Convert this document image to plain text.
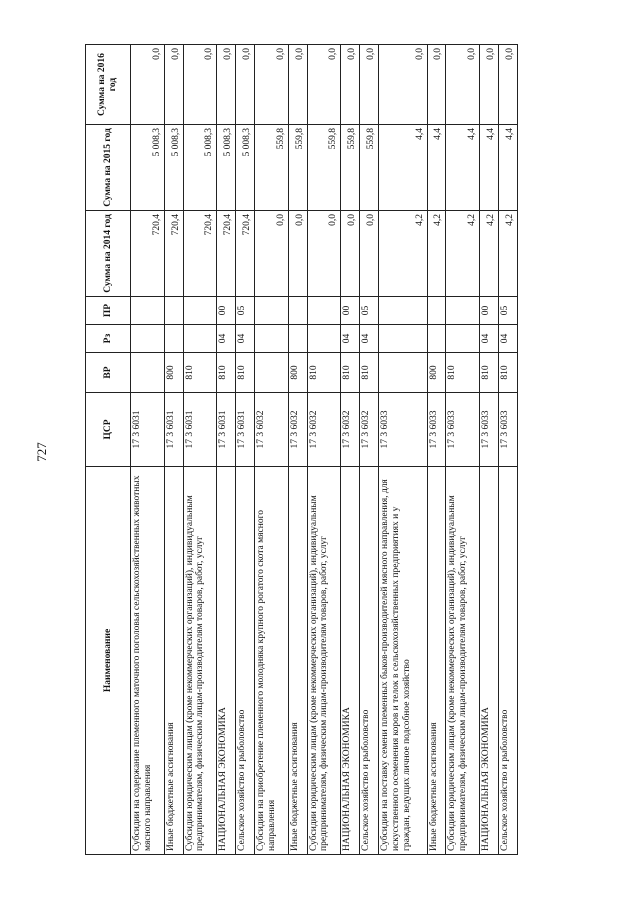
727
Наименование	ЦСР	ВР	Рз	ПР	Сумма на 2014 год	Сумма на 2015 год	Сумма на 2016 год
Субсидии на содержание племенного маточного поголовья сельскохозяйственных животных мясного направления	17 3 6031				720,4	5 008,3	0,0
Иные бюджетные ассигнования	17 3 6031	800			720,4	5 008,3	0,0
Субсидии юридическим лицам (кроме некоммерческих организаций), индивидуальным предпринимателям, физическим лицам-производителям товаров, работ, услуг	17 3 6031	810			720,4	5 008,3	0,0
НАЦИОНАЛЬНАЯ ЭКОНОМИКА	17 3 6031	810	04	00	720,4	5 008,3	0,0
Сельское хозяйство и рыболовство	17 3 6031	810	04	05	720,4	5 008,3	0,0
Субсидии на приобретение племенного молодняка крупного рогатого скота мясного направления	17 3 6032				0,0	559,8	0,0
Иные бюджетные ассигнования	17 3 6032	800			0,0	559,8	0,0
Субсидии юридическим лицам (кроме некоммерческих организаций), индивидуальным предпринимателям, физическим лицам-производителям товаров, работ, услуг	17 3 6032	810			0,0	559,8	0,0
НАЦИОНАЛЬНАЯ ЭКОНОМИКА	17 3 6032	810	04	00	0,0	559,8	0,0
Сельское хозяйство и рыболовство	17 3 6032	810	04	05	0,0	559,8	0,0
Субсидии на поставку семени племенных быков-производителей мясного направления, для искусственного осеменения коров и телок в сельскохозяйственных предприятиях и у граждан, ведущих личное подсобное хозяйство	17 3 6033				4,2	4,4	0,0
Иные бюджетные ассигнования	17 3 6033	800			4,2	4,4	0,0
Субсидии юридическим лицам (кроме некоммерческих организаций), индивидуальным предпринимателям, физическим лицам-производителям товаров, работ, услуг	17 3 6033	810			4,2	4,4	0,0
НАЦИОНАЛЬНАЯ ЭКОНОМИКА	17 3 6033	810	04	00	4,2	4,4	0,0
Сельское хозяйство и рыболовство	17 3 6033	810	04	05	4,2	4,4	0,0
